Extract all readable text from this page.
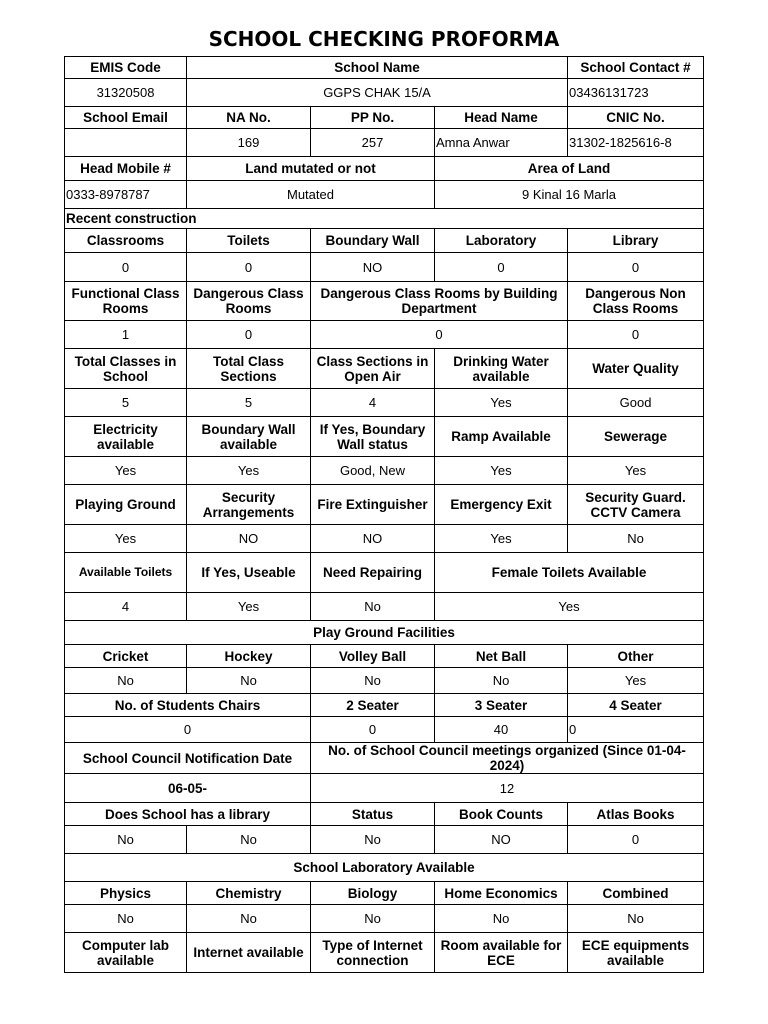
SCHOOL CHECKING PROFORMA
EMIS Code	School Name			School Contact #
31320508	GGPS CHAK 15/A			03436131723
School Email	NA No.	PP No.	Head Name	CNIC No.
	169	257	Amna Anwar	31302-1825616-8
Head Mobile #	Land mutated or not		Area of Land	
0333-8978787	Mutated		9 Kinal 16 Marla	
Recent construction				
Classrooms	Toilets	Boundary Wall	Laboratory	Library
0	0	NO	0	0
Functional Class Rooms	Dangerous Class Rooms	Dangerous Class Rooms by Building Department		Dangerous Non Class Rooms
1	0	0		0
Total Classes in School	Total Class Sections	Class Sections in Open Air	Drinking Water available	Water Quality
5	5	4	Yes	Good
Electricity available	Boundary Wall available	If Yes, Boundary Wall status	Ramp Available	Sewerage
Yes	Yes	Good, New	Yes	Yes
Playing Ground	Security Arrangements	Fire Extinguisher	Emergency Exit	Security Guard. CCTV Camera
Yes	NO	NO	Yes	No
Available Toilets	If Yes, Useable	Need Repairing	Female Toilets Available	
4	Yes	No	Yes	
Play Ground Facilities				
Cricket	Hockey	Volley Ball	Net Ball	Other
No	No	No	No	Yes
No. of Students Chairs		2 Seater	3 Seater	4 Seater
0		0	40	0
School Council Notification Date		No. of School Council meetings organized (Since 01-04-2024)		
06-05-		12		
Does School has a library		Status	Book Counts	Atlas Books
No	No	No	NO	0
School Laboratory Available				
Physics	Chemistry	Biology	Home Economics	Combined
No	No	No	No	No
Computer lab available	Internet available	Type of Internet connection	Room available for ECE	ECE equipments available
